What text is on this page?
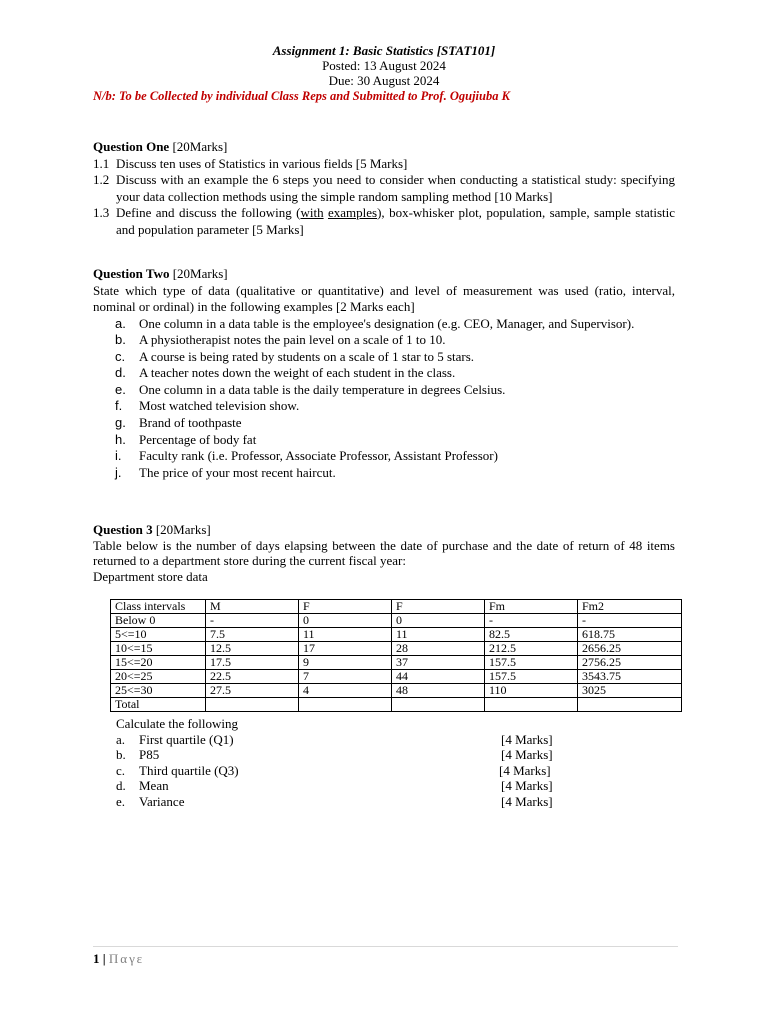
Assignment 1: Basic Statistics [STAT101]
Posted: 13 August 2024
Due: 30 August 2024
N/b: To be Collected by individual Class Reps and Submitted to Prof. Ogujiuba K
Question One [20Marks]
1.1 Discuss ten uses of Statistics in various fields [5 Marks]
1.2 Discuss with an example the 6 steps you need to consider when conducting a statistical study: specifying your data collection methods using the simple random sampling method [10 Marks]
1.3 Define and discuss the following (with examples), box-whisker plot, population, sample, sample statistic and population parameter [5 Marks]
Question Two [20Marks]
State which type of data (qualitative or quantitative) and level of measurement was used (ratio, interval, nominal or ordinal) in the following examples [2 Marks each]
a. One column in a data table is the employee's designation (e.g. CEO, Manager, and Supervisor).
b. A physiotherapist notes the pain level on a scale of 1 to 10.
c. A course is being rated by students on a scale of 1 star to 5 stars.
d. A teacher notes down the weight of each student in the class.
e. One column in a data table is the daily temperature in degrees Celsius.
f. Most watched television show.
g. Brand of toothpaste
h. Percentage of body fat
i. Faculty rank (i.e. Professor, Associate Professor, Assistant Professor)
j. The price of your most recent haircut.
Question 3 [20Marks]
Table below is the number of days elapsing between the date of purchase and the date of return of 48 items returned to a department store during the current fiscal year:
Department store data
Class intervals	M	F	F	Fm	Fm2
Below 0	-	0	0	-	-
5<=10	7.5	11	11	82.5	618.75
10<=15	12.5	17	28	212.5	2656.25
15<=20	17.5	9	37	157.5	2756.25
20<=25	22.5	7	44	157.5	3543.75
25<=30	27.5	4	48	110	3025
Total					
Calculate the following
a. First quartile (Q1)	[4 Marks]
b. P85	[4 Marks]
c. Third quartile (Q3)	[4 Marks]
d. Mean	[4 Marks]
e. Variance	[4 Marks]
1 | Παγε
